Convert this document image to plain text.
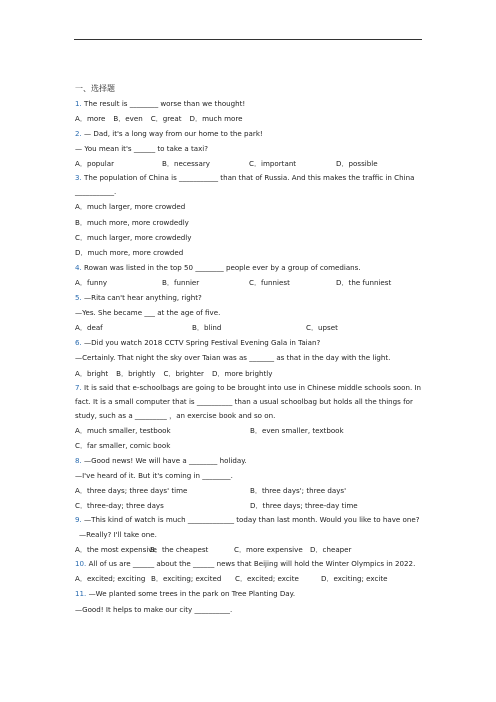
一、选择题
1. The result is ________ worse than we thought!
A．more B．even C．great D．much more
2. — Dad, it's a long way from our home to the park!
— You mean it's ______ to take a taxi?
A．popular	B．necessary	C．important	D．possible
3. The population of China is ___________ than that of Russia. And this makes the traffic in China ___________.
A．much larger, more crowded
B．much more, more crowdedly
C．much larger, more crowdedly
D．much more, more crowded
4. Rowan was listed in the top 50 ________ people ever by a group of comedians.
A．funny	B．funnier	C．funniest	D．the funniest
5. —Rita can't hear anything, right?
—Yes. She became ___ at the age of five.
A．deaf	B．blind	C．upset
6. —Did you watch 2018 CCTV Spring Festival Evening Gala in Taian?
—Certainly. That night the sky over Taian was as _______ as that in the day with the light.
A．bright B．brightly C．brighter D．more brightly
7. It is said that e-schoolbags are going to be brought into use in Chinese middle schools soon. In fact. It is a small computer that is __________ than a usual schoolbag but holds all the things for study, such as a _________ ，an exercise book and so on.
A．much smaller, testbook	B．even smaller, textbook
C．far smaller, comic book
8. —Good news! We will have a ________ holiday.
—I've heard of it. But it's coming in ________.
A．three days; three days' time	B．three days'; three days'
C．three-day; three days	D．three days; three-day time
9. —This kind of watch is much _____________ today than last month. Would you like to have one?
—Really? I'll take one.
A．the most expensive
B．the cheapest	C．more expensive	D．cheaper
10. All of us are ______ about the ______ news that Beijing will hold the Winter Olympics in 2022.
A．excited; exciting B．exciting; excited	C．excited; excite	D．exciting; excite
11. —We planted some trees in the park on Tree Planting Day.
—Good! It helps to make our city __________.
